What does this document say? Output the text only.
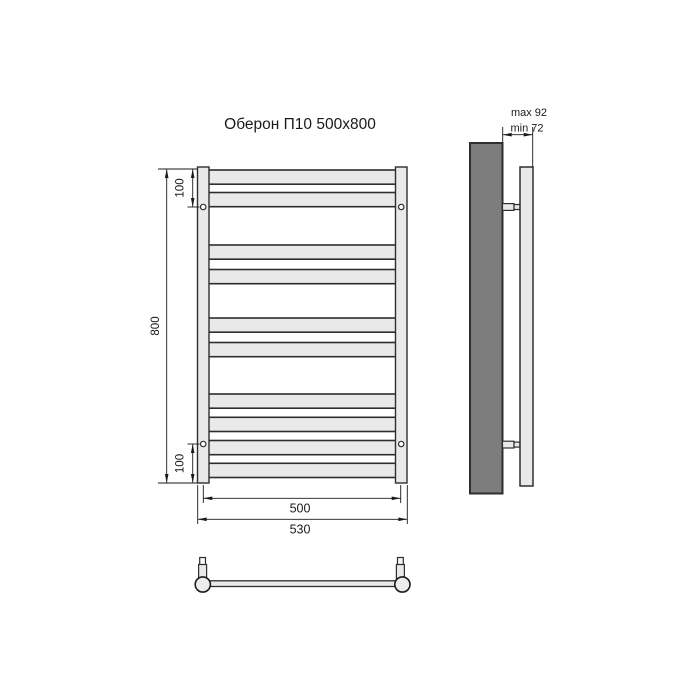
Оберон П10 500x800
800
100
100
500
530
max 92
min 72
